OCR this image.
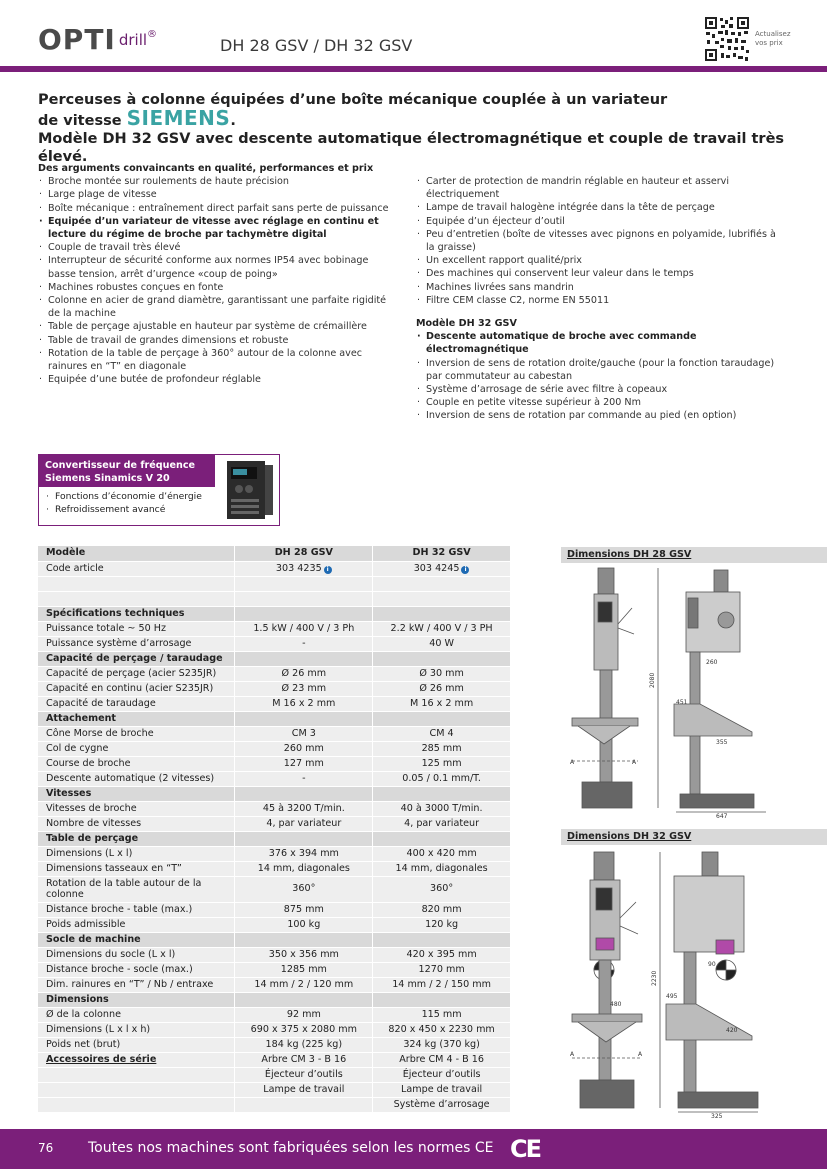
OPTI drill ®
DH 28 GSV / DH 32 GSV
Actualisez vos prix
Perceuses à colonne équipées d’une boîte mécanique couplée à un variateur
de vitesse SIEMENS.
Modèle DH 32 GSV avec descente automatique électromagnétique et couple de travail très élevé.
Des arguments convaincants en qualité, performances et prix
· Broche montée sur roulements de haute précision
· Large plage de vitesse
· Boîte mécanique : entraînement direct parfait sans perte de puissance
· Equipée d’un variateur de vitesse avec réglage en continu et lecture du régime de broche par tachymètre digital
· Couple de travail très élevé
· Interrupteur de sécurité conforme aux normes IP54 avec bobinage basse tension, arrêt d’urgence «coup de poing»
· Machines robustes conçues en fonte
· Colonne en acier de grand diamètre, garantissant une parfaite rigidité de la machine
· Table de perçage ajustable en hauteur par système de crémaillère
· Table de travail de grandes dimensions et robuste
· Rotation de la table de perçage à 360° autour de la colonne avec rainures en “T” en diagonale
· Equipée d’une butée de profondeur réglable
· Carter de protection de mandrin réglable en hauteur et asservi électriquement
· Lampe de travail halogène intégrée dans la tête de perçage
· Equipée d’un éjecteur d’outil
· Peu d’entretien (boîte de vitesses avec pignons en polyamide, lubrifiés à la graisse)
· Un excellent rapport qualité/prix
· Des machines qui conservent leur valeur dans le temps
· Machines livrées sans mandrin
· Filtre CEM classe C2, norme EN 55011
Modèle DH 32 GSV
· Descente automatique de broche avec commande électromagnétique
· Inversion de sens de rotation droite/gauche (pour la fonction taraudage) par commutateur au cabestan
· Système d’arrosage de série avec filtre à copeaux
· Couple en petite vitesse supérieur à 200 Nm
· Inversion de sens de rotation par commande au pied (en option)
Convertisseur de fréquence
Siemens Sinamics V 20
· Fonctions d’économie d’énergie
· Refroidissement avancé
Modèle	DH 28 GSV	DH 32 GSV
Code article	303 4235 i	303 4245 i

Spécifications techniques		
Puissance totale ~ 50 Hz	1.5 kW / 400 V / 3 Ph	2.2 kW / 400 V / 3 PH
Puissance système d’arrosage	-	40 W
Capacité de perçage / taraudage		
Capacité de perçage (acier S235JR)	Ø 26 mm	Ø 30 mm
Capacité en continu (acier S235JR)	Ø 23 mm	Ø 26 mm
Capacité de taraudage	M 16 x 2 mm	M 16 x 2 mm
Attachement		
Cône Morse de broche	CM 3	CM 4
Col de cygne	260 mm	285 mm
Course de broche	127 mm	125 mm
Descente automatique (2 vitesses)	-	0.05 / 0.1 mm/T.
Vitesses		
Vitesses de broche	45 à 3200 T/min.	40 à 3000 T/min.
Nombre de vitesses	4, par variateur	4, par variateur
Table de perçage		
Dimensions (L x l)	376 x 394 mm	400 x 420 mm
Dimensions tasseaux en “T”	14 mm, diagonales	14 mm, diagonales
Rotation de la table autour de la colonne	360°	360°
Distance broche - table (max.)	875 mm	820 mm
Poids admissible	100 kg	120 kg
Socle de machine		
Dimensions du socle (L x l)	350 x 356 mm	420 x 395 mm
Distance broche - socle (max.)	1285 mm	1270 mm
Dim. rainures en “T” / Nb / entraxe	14 mm / 2 / 120 mm	14 mm / 2 / 150 mm
Dimensions		
Ø de la colonne	92 mm	115 mm
Dimensions (L x l x h)	690 x 375 x 2080 mm	820 x 450 x 2230 mm
Poids net (brut)	184 kg (225 kg)	324 kg (370 kg)
Accessoires de série	Arbre CM 3 - B 16	Arbre CM 4 - B 16
	Éjecteur d’outils	Éjecteur d’outils
	Lampe de travail	Lampe de travail
		Système d’arrosage
Dimensions DH 28 GSV
2080
A	A
260
451
355
647
Dimensions DH 32 GSV
2230
A	A
90
480
495
420
325
76 Toutes nos machines sont fabriquées selon les normes CE CE
